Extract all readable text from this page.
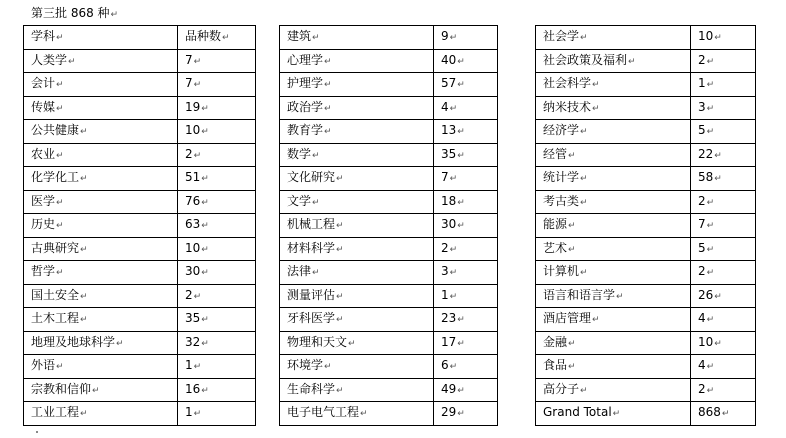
第三批 868 种↵
学科↵	品种数↵
人类学↵	7↵
会计↵	7↵
传媒↵	19↵
公共健康↵	10↵
农业↵	2↵
化学化工↵	51↵
医学↵	76↵
历史↵	63↵
古典研究↵	10↵
哲学↵	30↵
国土安全↵	2↵
土木工程↵	35↵
地理及地球科学↵	32↵
外语↵	1↵
宗教和信仰↵	16↵
工业工程↵	1↵
建筑↵	9↵
心理学↵	40↵
护理学↵	57↵
政治学↵	4↵
教育学↵	13↵
数学↵	35↵
文化研究↵	7↵
文学↵	18↵
机械工程↵	30↵
材料科学↵	2↵
法律↵	3↵
测量评估↵	1↵
牙科医学↵	23↵
物理和天文↵	17↵
环境学↵	6↵
生命科学↵	49↵
电子电气工程↵	29↵
社会学↵	10↵
社会政策及福利↵	2↵
社会科学↵	1↵
纳米技术↵	3↵
经济学↵	5↵
经管↵	22↵
统计学↵	58↵
考古类↵	2↵
能源↵	7↵
艺术↵	5↵
计算机↵	2↵
语言和语言学↵	26↵
酒店管理↵	4↵
金融↵	10↵
食品↵	4↵
高分子↵	2↵
Grand Total↵	868↵
